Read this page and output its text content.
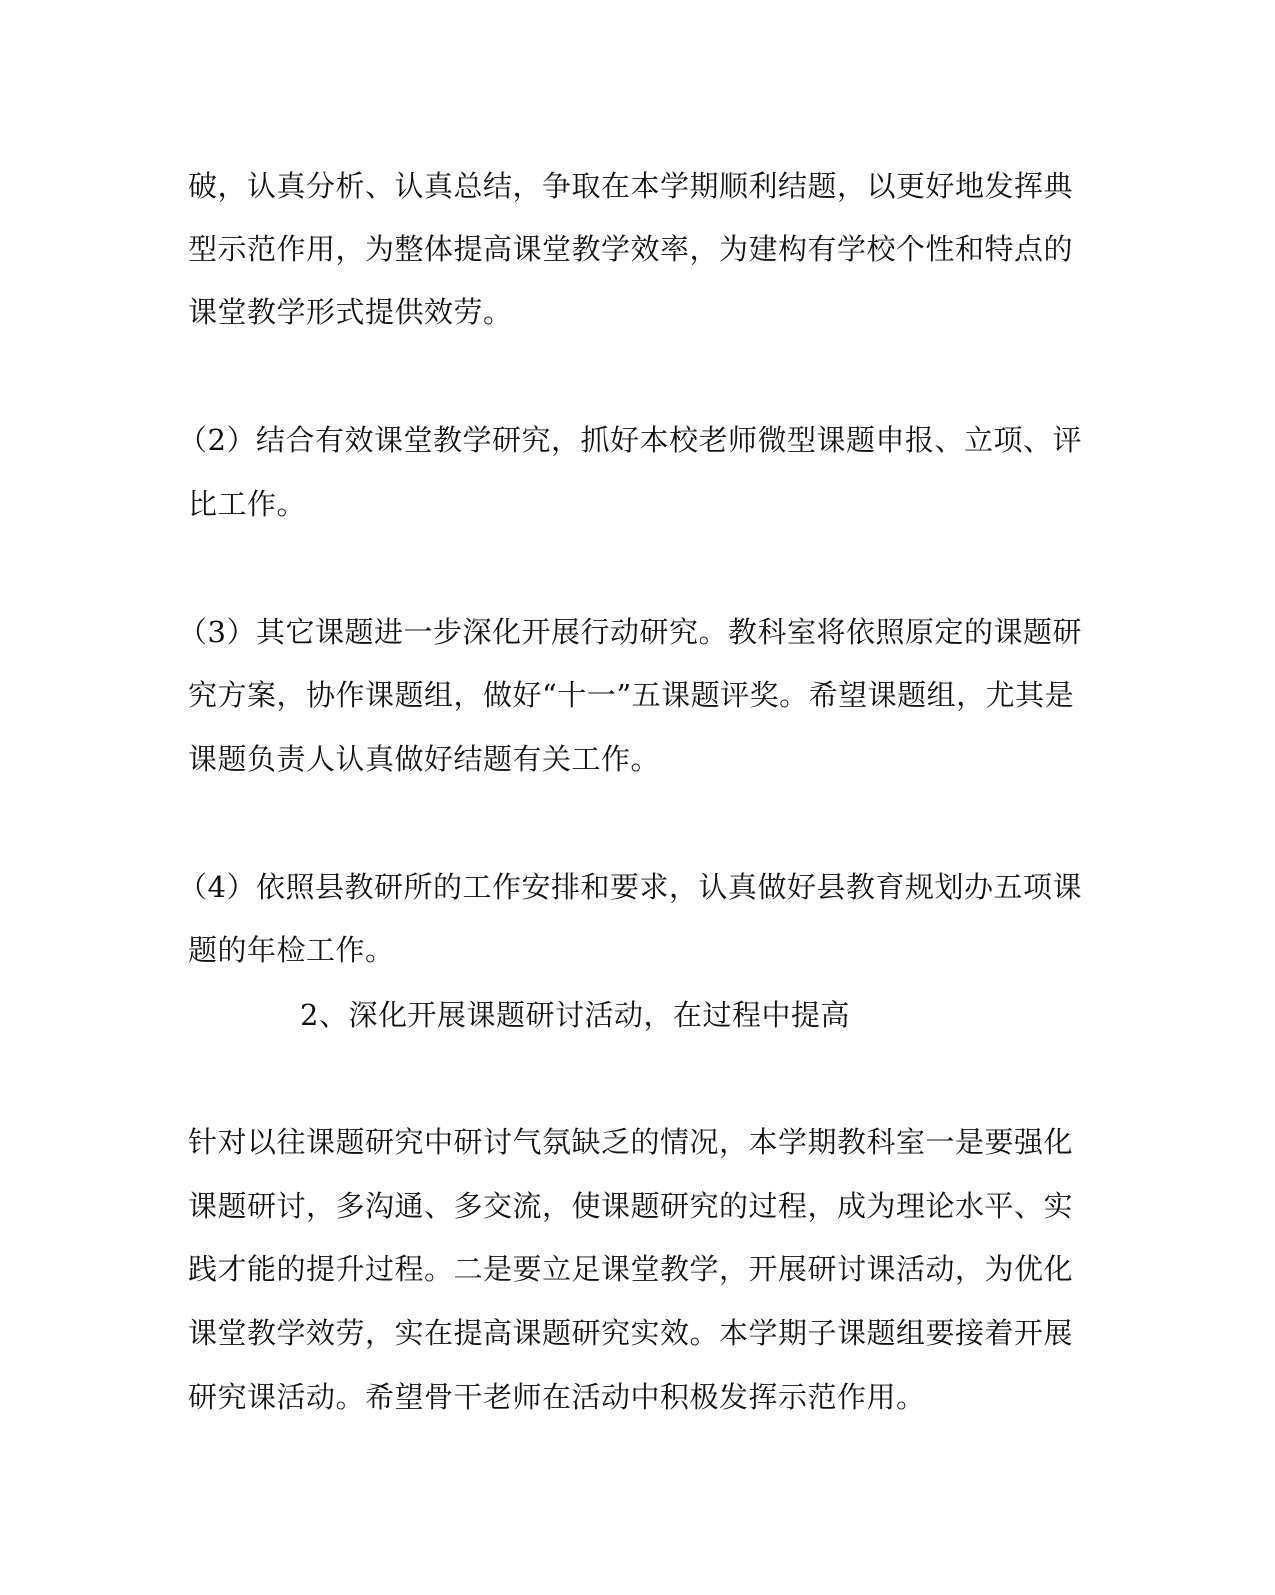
破，认真分析、认真总结，争取在本学期顺利结题，以更好地发挥典
型示范作用，为整体提高课堂教学效率，为建构有学校个性和特点的
课堂教学形式提供效劳。
（2）结合有效课堂教学研究，抓好本校老师微型课题申报、立项、评
比工作。
（3）其它课题进一步深化开展行动研究。教科室将依照原定的课题研
究方案，协作课题组，做好“十一”五课题评奖。希望课题组，尤其是
课题负责人认真做好结题有关工作。
（4）依照县教研所的工作安排和要求，认真做好县教育规划办五项课
题的年检工作。
2、深化开展课题研讨活动，在过程中提高
针对以往课题研究中研讨气氛缺乏的情况，本学期教科室一是要强化
课题研讨，多沟通、多交流，使课题研究的过程，成为理论水平、实
践才能的提升过程。二是要立足课堂教学，开展研讨课活动，为优化
课堂教学效劳，实在提高课题研究实效。本学期子课题组要接着开展
研究课活动。希望骨干老师在活动中积极发挥示范作用。
